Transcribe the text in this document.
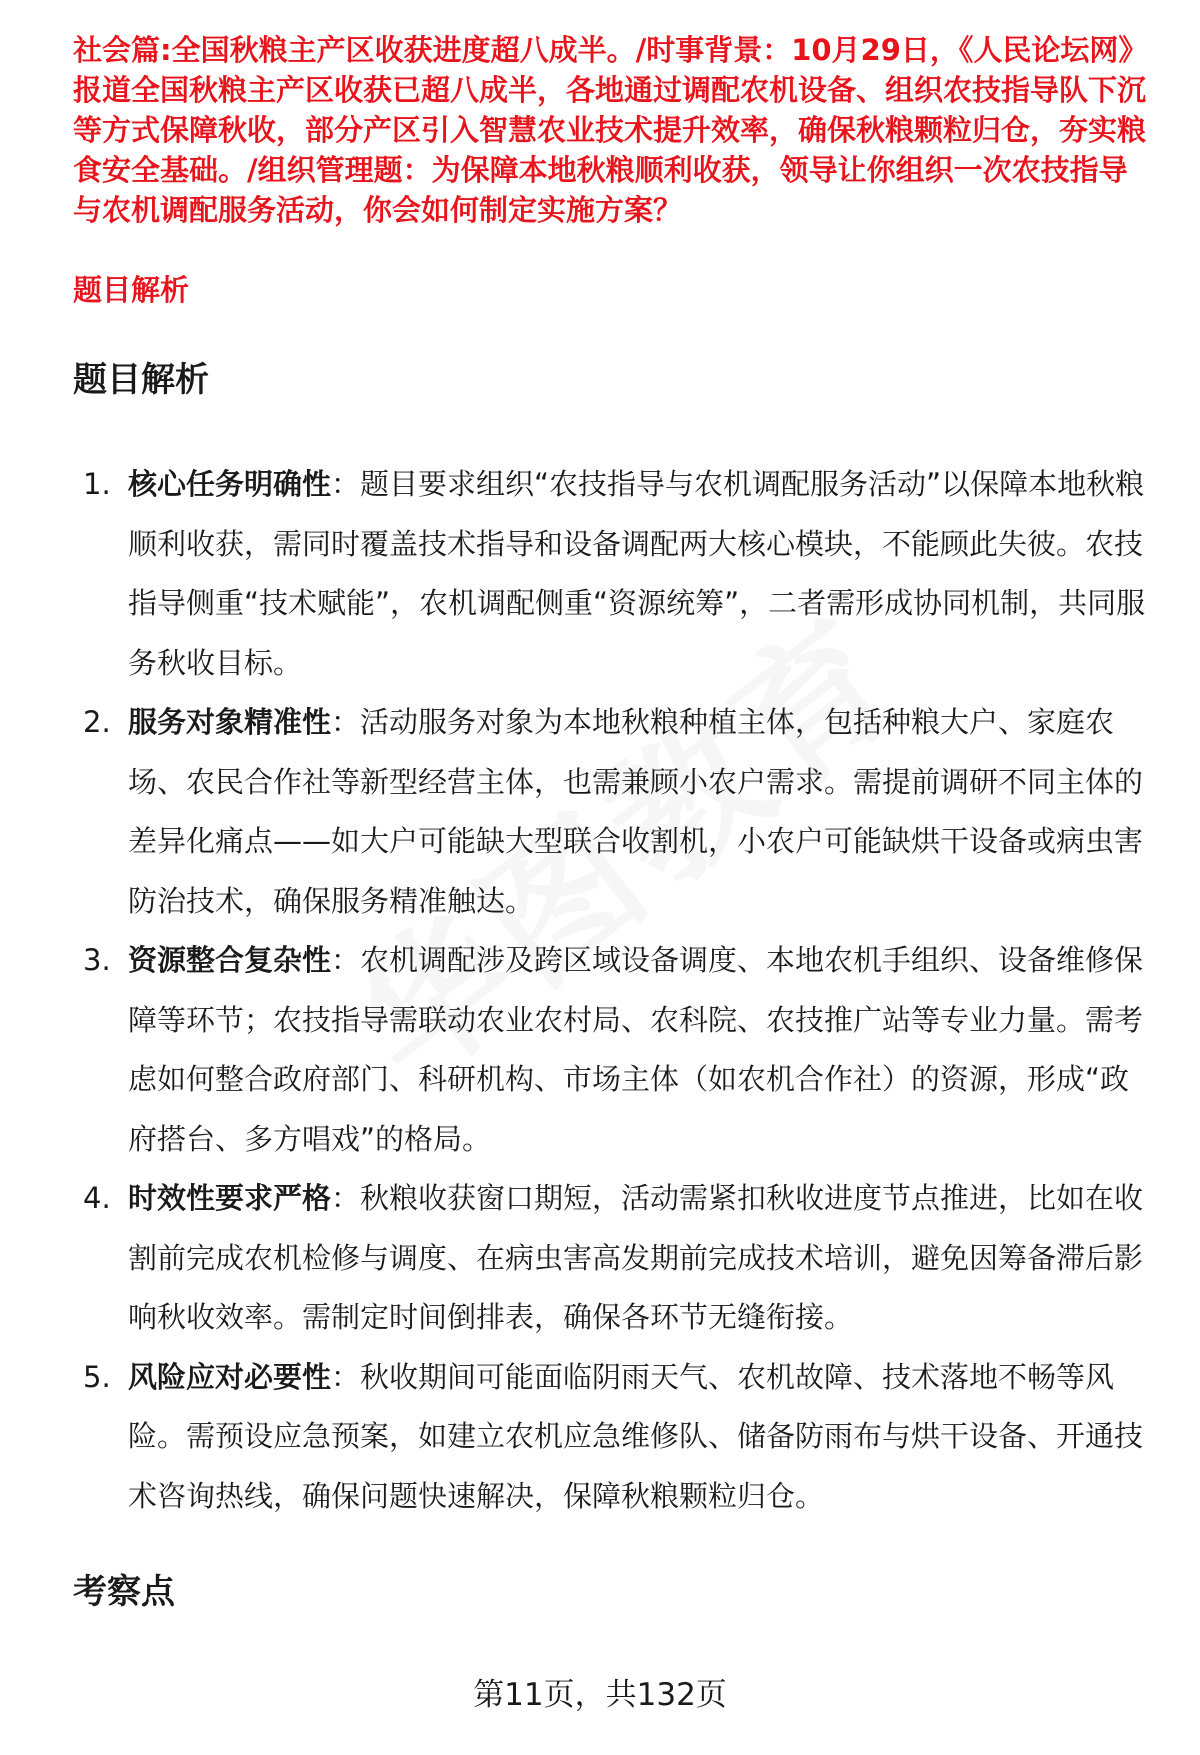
社会篇:全国秋粮主产区收获进度超八成半。/时事背景：10月29日，《人民论坛网》报道全国秋粮主产区收获已超八成半，各地通过调配农机设备、组织农技指导队下沉等方式保障秋收，部分产区引入智慧农业技术提升效率，确保秋粮颗粒归仓，夯实粮食安全基础。/组织管理题：为保障本地秋粮顺利收获，领导让你组织一次农技指导与农机调配服务活动，你会如何制定实施方案？

题目解析

题目解析
1. 核心任务明确性：题目要求组织“农技指导与农机调配服务活动”以保障本地秋粮顺利收获，需同时覆盖技术指导和设备调配两大核心模块，不能顾此失彼。农技指导侧重“技术赋能”，农机调配侧重“资源统筹”，二者需形成协同机制，共同服务秋收目标。
2. 服务对象精准性：活动服务对象为本地秋粮种植主体，包括种粮大户、家庭农场、农民合作社等新型经营主体，也需兼顾小农户需求。需提前调研不同主体的差异化痛点——如大户可能缺大型联合收割机，小农户可能缺烘干设备或病虫害防治技术，确保服务精准触达。
3. 资源整合复杂性：农机调配涉及跨区域设备调度、本地农机手组织、设备维修保障等环节；农技指导需联动农业农村局、农科院、农技推广站等专业力量。需考虑如何整合政府部门、科研机构、市场主体（如农机合作社）的资源，形成“政府搭台、多方唱戏”的格局。
4. 时效性要求严格：秋粮收获窗口期短，活动需紧扣秋收进度节点推进，比如在收割前完成农机检修与调度、在病虫害高发期前完成技术培训，避免因筹备滞后影响秋收效率。需制定时间倒排表，确保各环节无缝衔接。
5. 风险应对必要性：秋收期间可能面临阴雨天气、农机故障、技术落地不畅等风险。需预设应急预案，如建立农机应急维修队、储备防雨布与烘干设备、开通技术咨询热线，确保问题快速解决，保障秋粮颗粒归仓。
考察点
第11页，共132页
